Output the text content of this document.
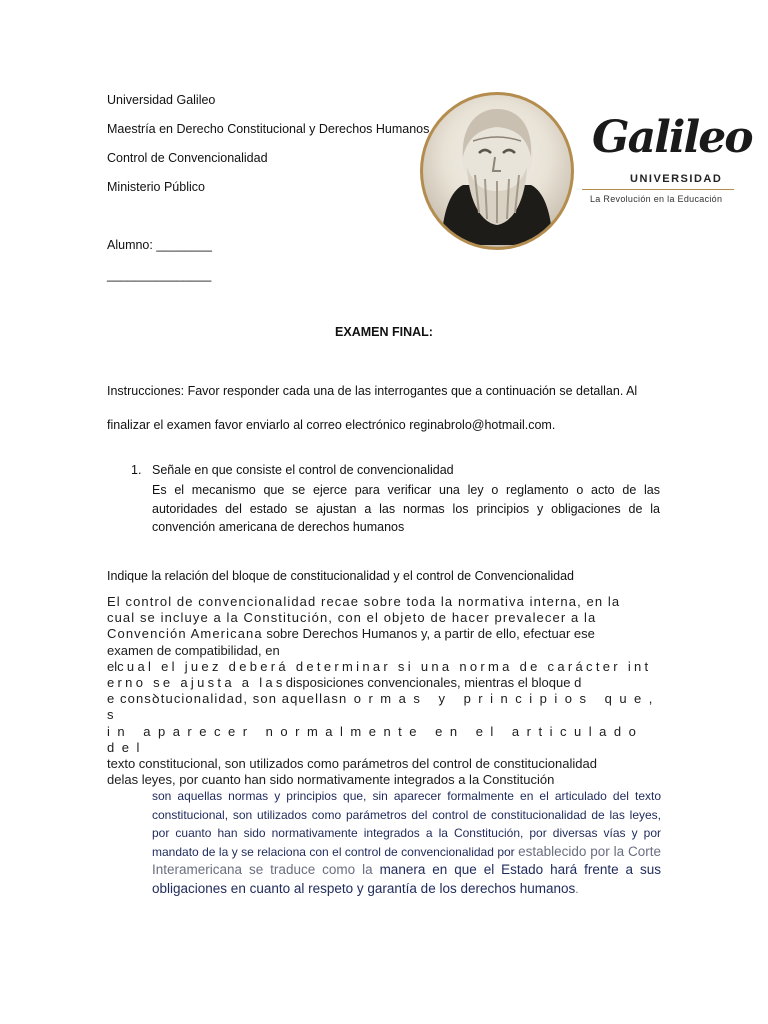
Universidad Galileo
Maestría en Derecho Constitucional y Derechos Humanos
Control de Convencionalidad
Ministerio Público
Alumno: ________
_______________
Galileo
UNIVERSIDAD
La Revolución en la Educación
EXAMEN FINAL:
Instrucciones: Favor responder cada una de las interrogantes que a continuación se detallan. Al
finalizar el examen favor enviarlo al correo electrónico reginabrolo@hotmail.com.
1. Señale en que consiste el control de convencionalidad
Es el mecanismo que se ejerce para verificar una ley o reglamento o acto de las autoridades del estado se ajustan a las normas los principios y obligaciones de la convención americana de derechos humanos
Indique la relación del bloque de constitucionalidad y el control de Convencionalidad
El control de convencionalidad recae sobre toda la normativa interna, en la
cual se incluye a la Constitución, con el objeto de hacer prevalecer a la
Convención Americana sobre Derechos Humanos y, a partir de ello, efectuar ese
examen de compatibilidad, en
elcual el juez deberá determinar si una norma de carácter int
erno se ajusta a lasdisposiciones convencionales, mientras el bloque d
e consꝺtucionalidad, son aquellasnormas y principios que, s
in aparecer normalmente en el articulado del
texto constitucional, son utilizados como parámetros del control de constitucionalidad
delas leyes, por cuanto han sido normativamente integrados a la Constitución
son aquellas normas y principios que, sin aparecer formalmente en el articulado del texto constitucional, son utilizados como parámetros del control de constitucionalidad de las leyes, por cuanto han sido normativamente integrados a la Constitución, por diversas vías y por mandato de la y se relaciona con el control de convencionalidad por establecido por la Corte Interamericana se traduce como la manera en que el Estado hará frente a sus obligaciones en cuanto al respeto y garantía de los derechos humanos.
